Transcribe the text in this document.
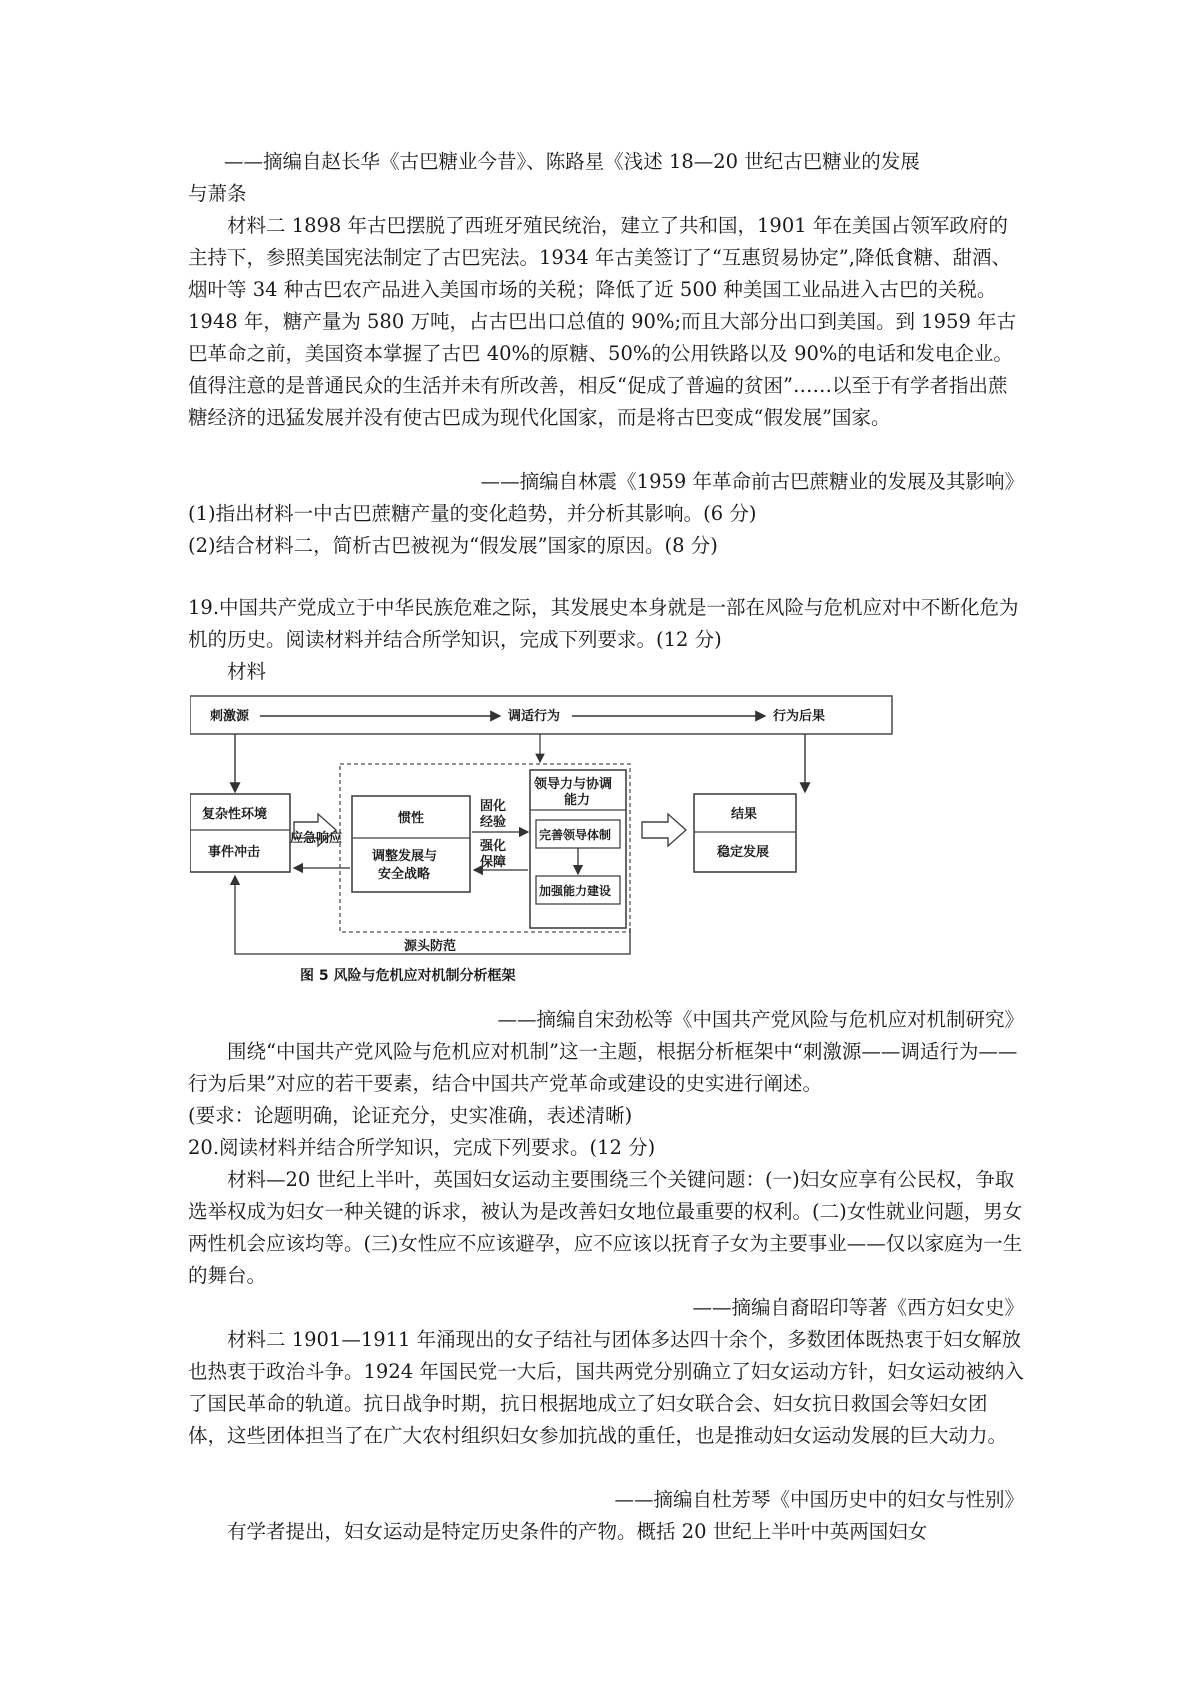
——摘编自赵长华《古巴糖业今昔》、陈路星《浅述 18—20 世纪古巴糖业的发展

与萧条

材料二 1898 年古巴摆脱了西班牙殖民统治，建立了共和国，1901 年在美国占领军政府的主持下，参照美国宪法制定了古巴宪法。1934 年古美签订了“互惠贸易协定”,降低食糖、甜酒、烟叶等 34 种古巴农产品进入美国市场的关税；降低了近 500 种美国工业品进入古巴的关税。1948 年，糖产量为 580 万吨，占古巴出口总值的 90%;而且大部分出口到美国。到 1959 年古巴革命之前，美国资本掌握了古巴 40%的原糖、50%的公用铁路以及 90%的电话和发电企业。值得注意的是普通民众的生活并未有所改善，相反“促成了普遍的贫困”……以至于有学者指出蔗糖经济的迅猛发展并没有使古巴成为现代化国家，而是将古巴变成“假发展”国家。

——摘编自林震《1959 年革命前古巴蔗糖业的发展及其影响》

(1)指出材料一中古巴蔗糖产量的变化趋势，并分析其影响。(6 分)

(2)结合材料二，简析古巴被视为“假发展”国家的原因。(8 分)

19.中国共产党成立于中华民族危难之际，其发展史本身就是一部在风险与危机应对中不断化危为机的历史。阅读材料并结合所学知识，完成下列要求。(12 分)

材料

刺激源	调适行为	行为后果
复杂性环境
事件冲击
惯性
调整发展与
安全战略
固化
经验
强化
保障
应急响应
领导力与协调
能力
完善领导体制
加强能力建设
结果
稳定发展
源头防范
图 5 风险与危机应对机制分析框架

——摘编自宋劲松等《中国共产党风险与危机应对机制研究》

围绕“中国共产党风险与危机应对机制”这一主题，根据分析框架中“刺激源——调适行为——行为后果”对应的若干要素，结合中国共产党革命或建设的史实进行阐述。

(要求：论题明确，论证充分，史实准确，表述清晰)

20.阅读材料并结合所学知识，完成下列要求。(12 分)

材料—20 世纪上半叶，英国妇女运动主要围绕三个关键问题：(一)妇女应享有公民权，争取选举权成为妇女一种关键的诉求，被认为是改善妇女地位最重要的权利。(二)女性就业问题，男女两性机会应该均等。(三)女性应不应该避孕，应不应该以抚育子女为主要事业——仅以家庭为一生的舞台。

——摘编自裔昭印等著《西方妇女史》

材料二 1901—1911 年涌现出的女子结社与团体多达四十余个，多数团体既热衷于妇女解放也热衷于政治斗争。1924 年国民党一大后，国共两党分别确立了妇女运动方针，妇女运动被纳入了国民革命的轨道。抗日战争时期，抗日根据地成立了妇女联合会、妇女抗日救国会等妇女团体，这些团体担当了在广大农村组织妇女参加抗战的重任，也是推动妇女运动发展的巨大动力。

——摘编自杜芳琴《中国历史中的妇女与性别》

有学者提出，妇女运动是特定历史条件的产物。概括 20 世纪上半叶中英两国妇女
